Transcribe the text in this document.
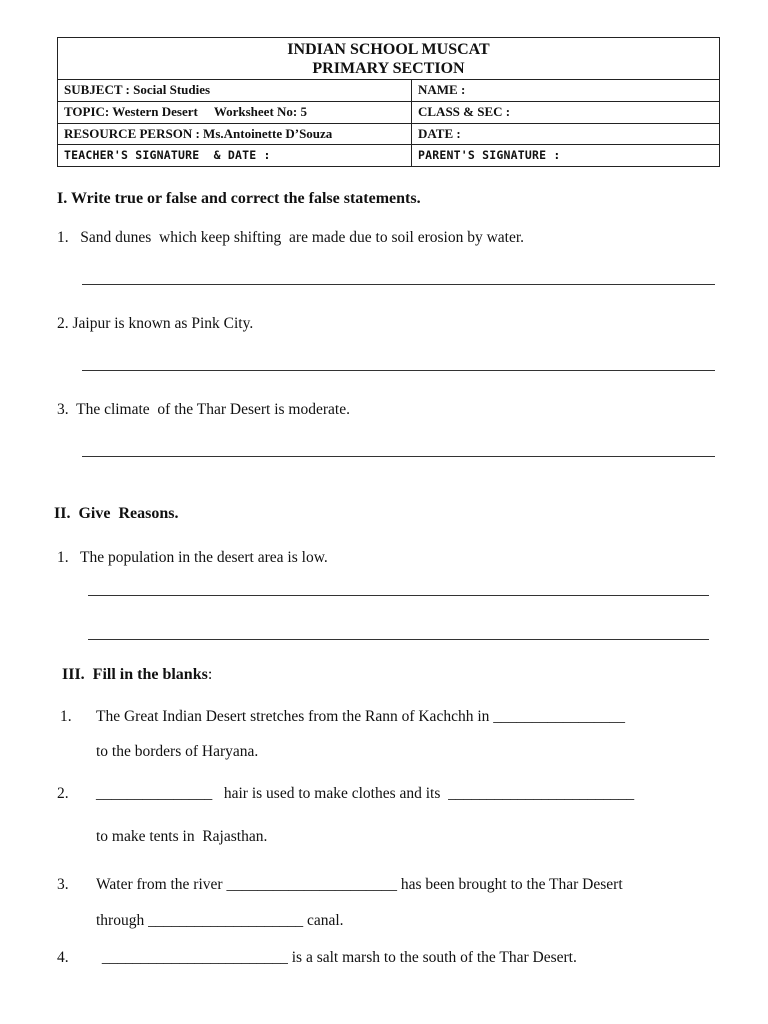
INDIAN SCHOOL MUSCAT
PRIMARY SECTION
SUBJECT : Social Studies	NAME :
TOPIC: Western Desert     Worksheet No: 5	CLASS & SEC :
RESOURCE PERSON : Ms.Antoinette D’Souza	DATE :
TEACHER'S SIGNATURE  & DATE :	PARENT'S SIGNATURE :
I. Write true or false and correct the false statements.
1.   Sand dunes  which keep shifting  are made due to soil erosion by water.
2. Jaipur is known as Pink City.
3.  The climate  of the Thar Desert is moderate.
II.  Give  Reasons.
1.   The population in the desert area is low.
III.  Fill in the blanks:
1. The Great Indian Desert stretches from the Rann of Kachchh in _________________
to the borders of Haryana.
2. _______________   hair is used to make clothes and its  ________________________
to make tents in  Rajasthan.
3. Water from the river ______________________ has been brought to the Thar Desert
through ____________________ canal.
4. ________________________ is a salt marsh to the south of the Thar Desert.
